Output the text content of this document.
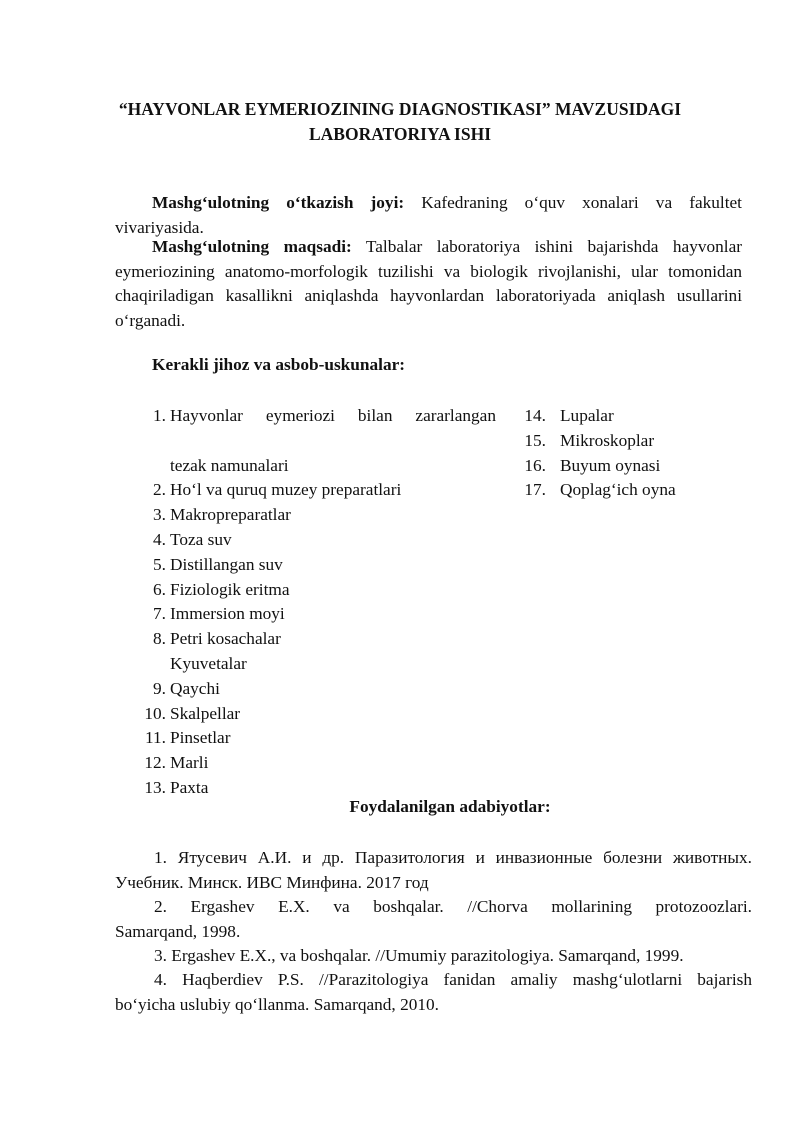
“HAYVONLAR EYMERIOZINING DIAGNOSTIKASI” MAVZUSIDAGI
LABORATORIYA ISHI
Mashg‘ulotning o‘tkazish joyi: Kafedraning o‘quv xonalari va fakultet
vivariyasida.
Mashg‘ulotning maqsadi: Talbalar laboratoriya ishini bajarishda hayvonlar
eymeriozining anatomo-morfologik tuzilishi va biologik rivojlanishi, ular tomonidan
chaqiriladigan kasallikni aniqlashda hayvonlardan laboratoriyada aniqlash usullarini
o‘rganadi.
Kerakli jihoz va asbob-uskunalar:
1. Hayvonlar eymeriozi bilan zararlangan

tezak namunalari
2. Ho‘l va quruq muzey preparatlari
3. Makropreparatlar
4. Toza suv
5. Distillangan suv
6. Fiziologik eritma
7. Immersion moyi
8. Petri kosachalar
Kyuvetalar
9. Qaychi
10. Skalpellar
11. Pinsetlar
12. Marli
13. Paxta
14. Lupalar
15. Mikroskoplar
16. Buyum oynasi
17. Qoplag‘ich oyna
Foydalanilgan adabiyotlar:
1. Ятусевич А.И. и др. Паразитология и инвазионные болезни животных.
Учебник. Минск. ИВС Минфина. 2017 год
2. Ergashev E.X. va boshqalar. //Chorva mollarining protozoozlari.
Samarqand, 1998.
3. Ergashev E.X., va boshqalar. //Umumiy parazitologiya. Samarqand, 1999.
4. Haqberdiev P.S. //Parazitologiya fanidan amaliy mashg‘ulotlarni bajarish
bo‘yicha uslubiy qo‘llanma. Samarqand, 2010.
